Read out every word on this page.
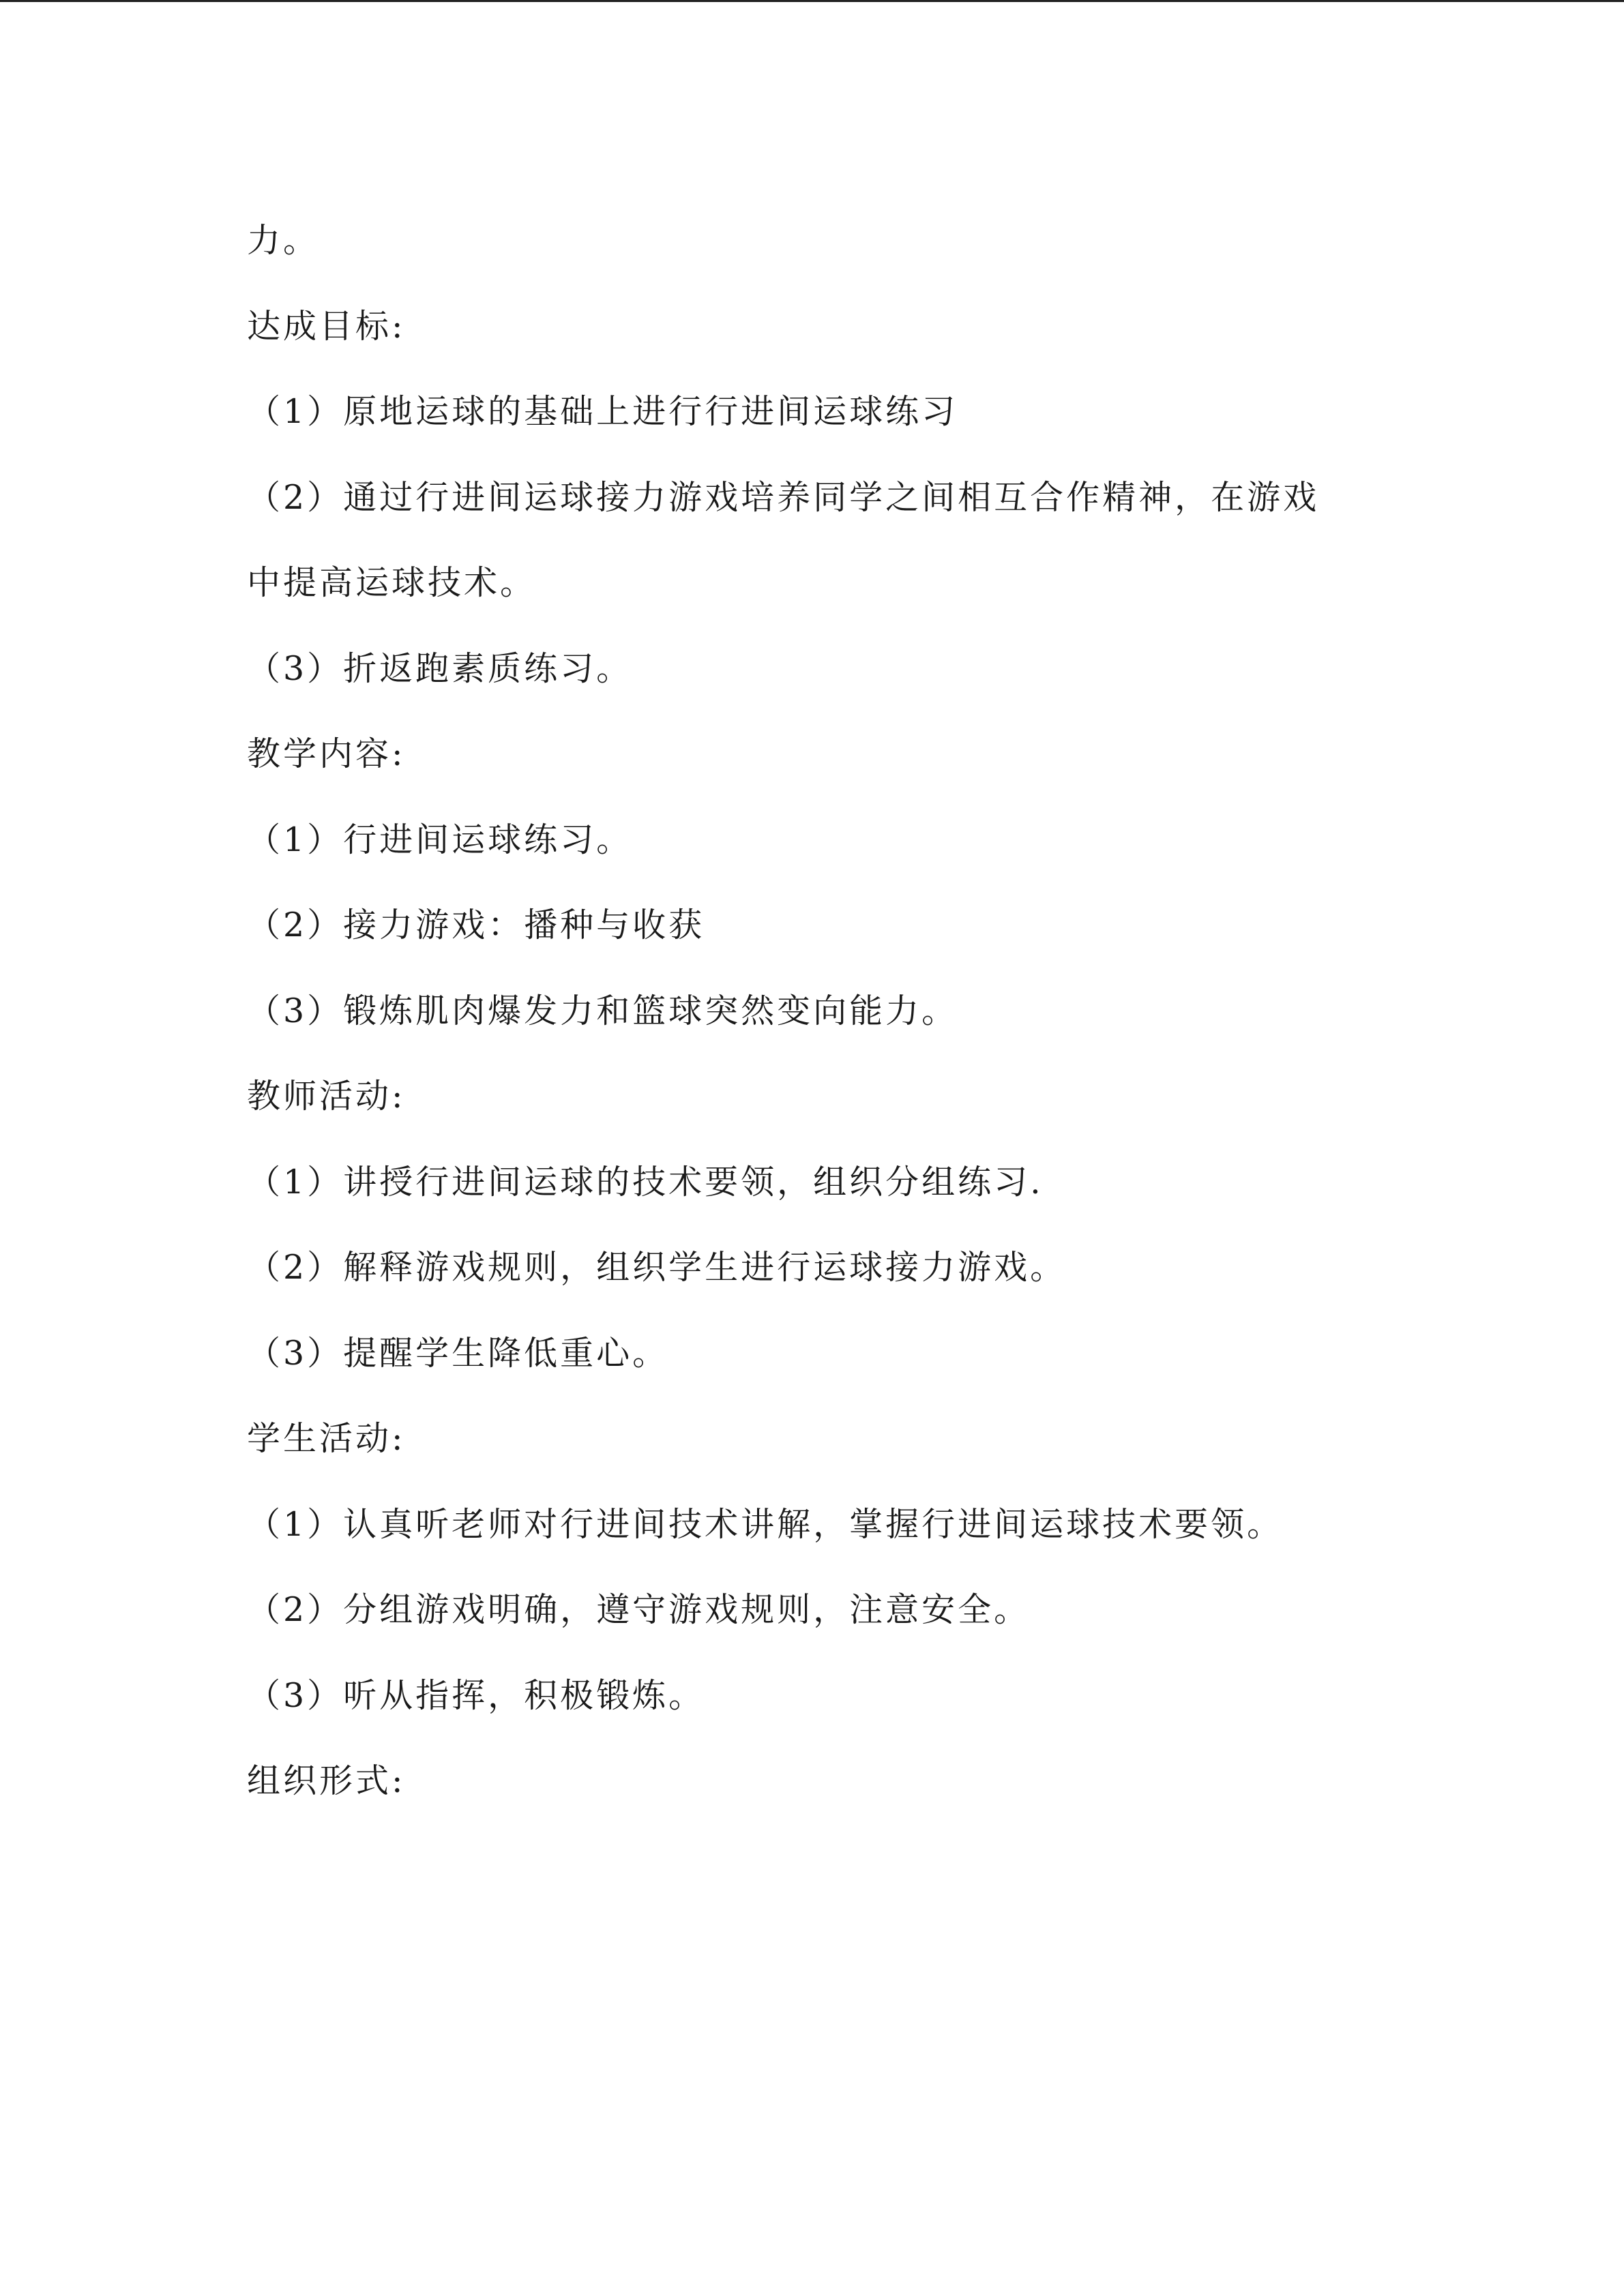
力。
达成目标:
（1）原地运球的基础上进行行进间运球练习
（2）通过行进间运球接力游戏培养同学之间相互合作精神，在游戏
中提高运球技术。
（3）折返跑素质练习。
教学内容:
（1）行进间运球练习。
（2）接力游戏：播种与收获
（3）锻炼肌肉爆发力和篮球突然变向能力。
教师活动:
（1）讲授行进间运球的技术要领，组织分组练习.
（2）解释游戏规则，组织学生进行运球接力游戏。
（3）提醒学生降低重心。
学生活动:
（1）认真听老师对行进间技术讲解，掌握行进间运球技术要领。
（2）分组游戏明确，遵守游戏规则，注意安全。
（3）听从指挥，积极锻炼。
组织形式:
